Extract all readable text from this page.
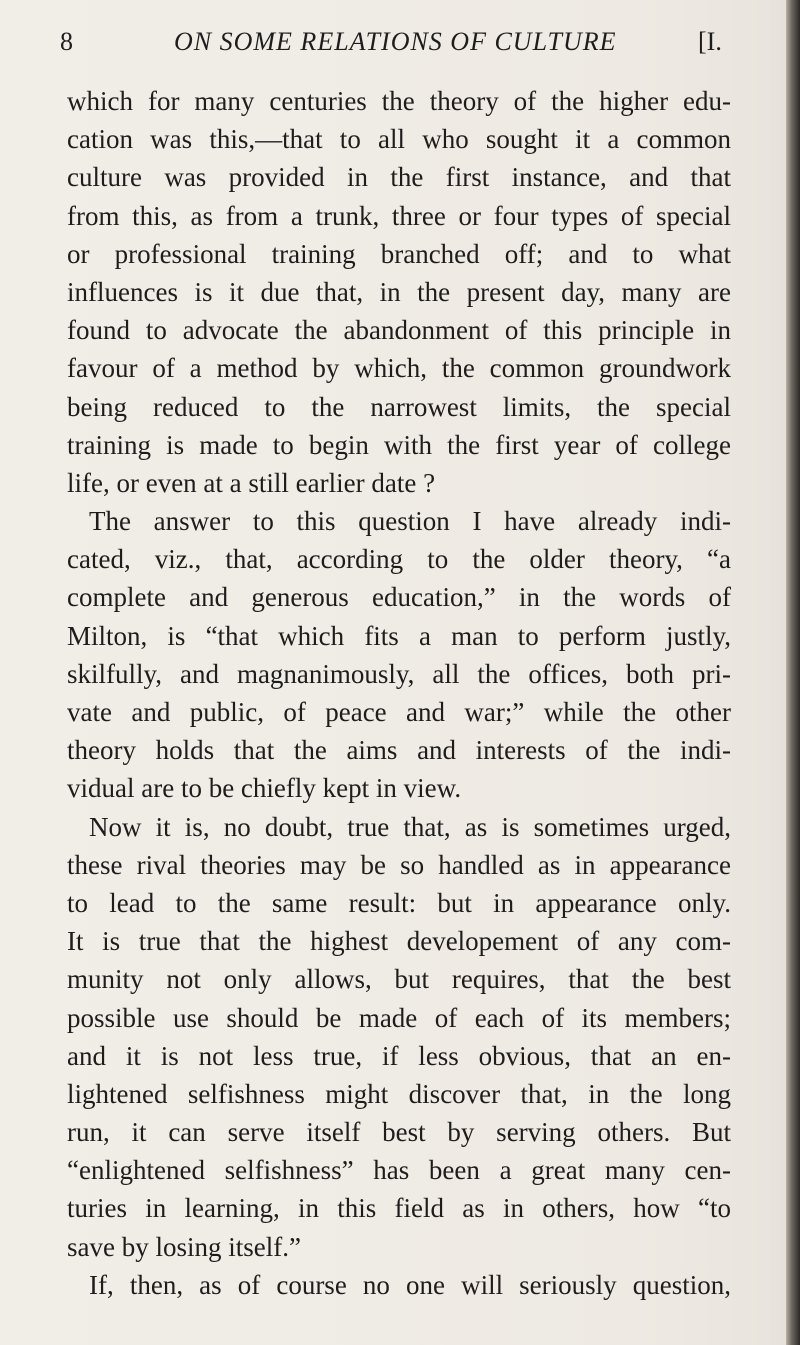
8	ON SOME RELATIONS OF CULTURE	[I.
which for many centuries the theory of the higher edu-
cation was this,—that to all who sought it a common
culture was provided in the first instance, and that
from this, as from a trunk, three or four types of special
or professional training branched off; and to what
influences is it due that, in the present day, many are
found to advocate the abandonment of this principle in
favour of a method by which, the common groundwork
being reduced to the narrowest limits, the special
training is made to begin with the first year of college
life, or even at a still earlier date ?
The answer to this question I have already indi-
cated, viz., that, according to the older theory, “a
complete and generous education,” in the words of
Milton, is “that which fits a man to perform justly,
skilfully, and magnanimously, all the offices, both pri-
vate and public, of peace and war;” while the other
theory holds that the aims and interests of the indi-
vidual are to be chiefly kept in view.
Now it is, no doubt, true that, as is sometimes urged,
these rival theories may be so handled as in appearance
to lead to the same result: but in appearance only.
It is true that the highest developement of any com-
munity not only allows, but requires, that the best
possible use should be made of each of its members;
and it is not less true, if less obvious, that an en-
lightened selfishness might discover that, in the long
run, it can serve itself best by serving others. But
“enlightened selfishness” has been a great many cen-
turies in learning, in this field as in others, how “to
save by losing itself.”
If, then, as of course no one will seriously question,
